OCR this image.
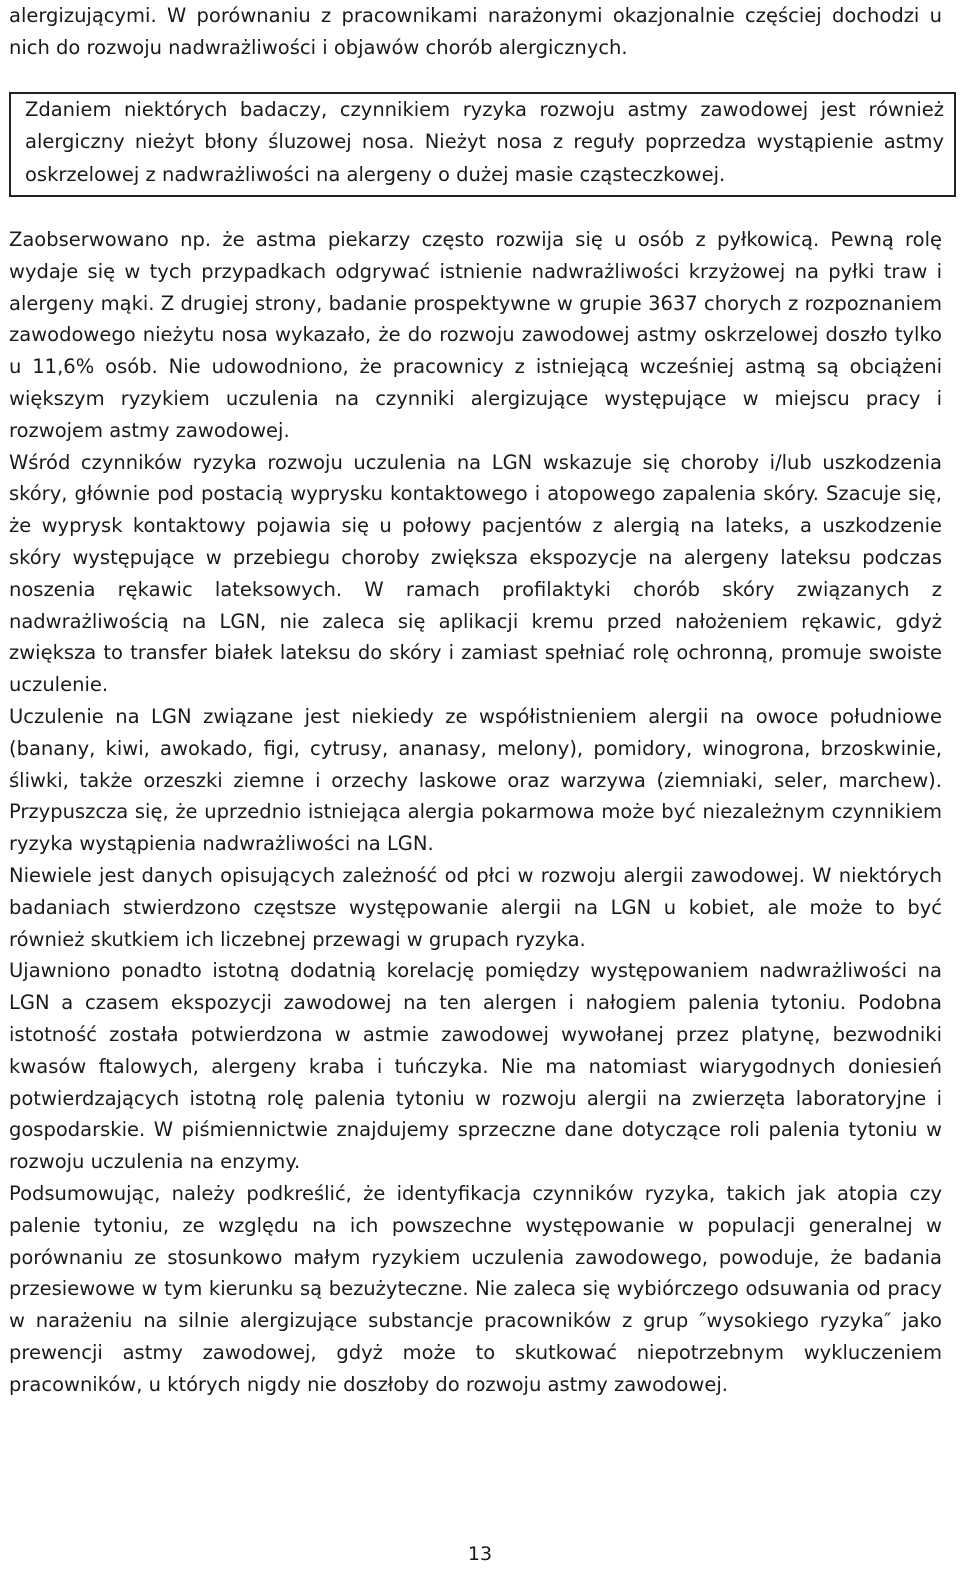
alergizującymi. W porównaniu z pracownikami narażonymi okazjonalnie częściej dochodzi u nich do rozwoju nadwrażliwości i objawów chorób alergicznych.

Zdaniem niektórych badaczy, czynnikiem ryzyka rozwoju astmy zawodowej jest również alergiczny nieżyt błony śluzowej nosa. Nieżyt nosa z reguły poprzedza wystąpienie astmy oskrzelowej z nadwrażliwości na alergeny o dużej masie cząsteczkowej.

Zaobserwowano np. że astma piekarzy często rozwija się u osób z pyłkowicą. Pewną rolę wydaje się w tych przypadkach odgrywać istnienie nadwrażliwości krzyżowej na pyłki traw i alergeny mąki. Z drugiej strony, badanie prospektywne w grupie 3637 chorych z rozpoznaniem zawodowego nieżytu nosa wykazało, że do rozwoju zawodowej astmy oskrzelowej doszło tylko u 11,6% osób. Nie udowodniono, że pracownicy z istniejącą wcześniej astmą są obciążeni większym ryzykiem uczulenia na czynniki alergizujące występujące w miejscu pracy i rozwojem astmy zawodowej.

Wśród czynników ryzyka rozwoju uczulenia na LGN wskazuje się choroby i/lub uszkodzenia skóry, głównie pod postacią wyprysku kontaktowego i atopowego zapalenia skóry. Szacuje się, że wyprysk kontaktowy pojawia się u połowy pacjentów z alergią na lateks, a uszkodzenie skóry występujące w przebiegu choroby zwiększa ekspozycje na alergeny lateksu podczas noszenia rękawic lateksowych. W ramach profilaktyki chorób skóry związanych z nadwrażliwością na LGN, nie zaleca się aplikacji kremu przed nałożeniem rękawic, gdyż zwiększa to transfer białek lateksu do skóry i zamiast spełniać rolę ochronną, promuje swoiste uczulenie.

Uczulenie na LGN związane jest niekiedy ze współistnieniem alergii na owoce południowe (banany, kiwi, awokado, figi, cytrusy, ananasy, melony), pomidory, winogrona, brzoskwinie, śliwki, także orzeszki ziemne i orzechy laskowe oraz warzywa (ziemniaki, seler, marchew). Przypuszcza się, że uprzednio istniejąca alergia pokarmowa może być niezależnym czynnikiem ryzyka wystąpienia nadwrażliwości na LGN.

Niewiele jest danych opisujących zależność od płci w rozwoju alergii zawodowej. W niektórych badaniach stwierdzono częstsze występowanie alergii na LGN u kobiet, ale może to być również skutkiem ich liczebnej przewagi w grupach ryzyka.

Ujawniono ponadto istotną dodatnią korelację pomiędzy występowaniem nadwrażliwości na LGN a czasem ekspozycji zawodowej na ten alergen i nałogiem palenia tytoniu. Podobna istotność została potwierdzona w astmie zawodowej wywołanej przez platynę, bezwodniki kwasów ftalowych, alergeny kraba i tuńczyka. Nie ma natomiast wiarygodnych doniesień potwierdzających istotną rolę palenia tytoniu w rozwoju alergii na zwierzęta laboratoryjne i gospodarskie. W piśmiennictwie znajdujemy sprzeczne dane dotyczące roli palenia tytoniu w rozwoju uczulenia na enzymy.

Podsumowując, należy podkreślić, że identyfikacja czynników ryzyka, takich jak atopia czy palenie tytoniu, ze względu na ich powszechne występowanie w populacji generalnej w porównaniu ze stosunkowo małym ryzykiem uczulenia zawodowego, powoduje, że badania przesiewowe w tym kierunku są bezużyteczne. Nie zaleca się wybiórczego odsuwania od pracy w narażeniu na silnie alergizujące substancje pracowników z grup ″wysokiego ryzyka″ jako prewencji astmy zawodowej, gdyż może to skutkować niepotrzebnym wykluczeniem pracowników, u których nigdy nie doszłoby do rozwoju astmy zawodowej.

13
